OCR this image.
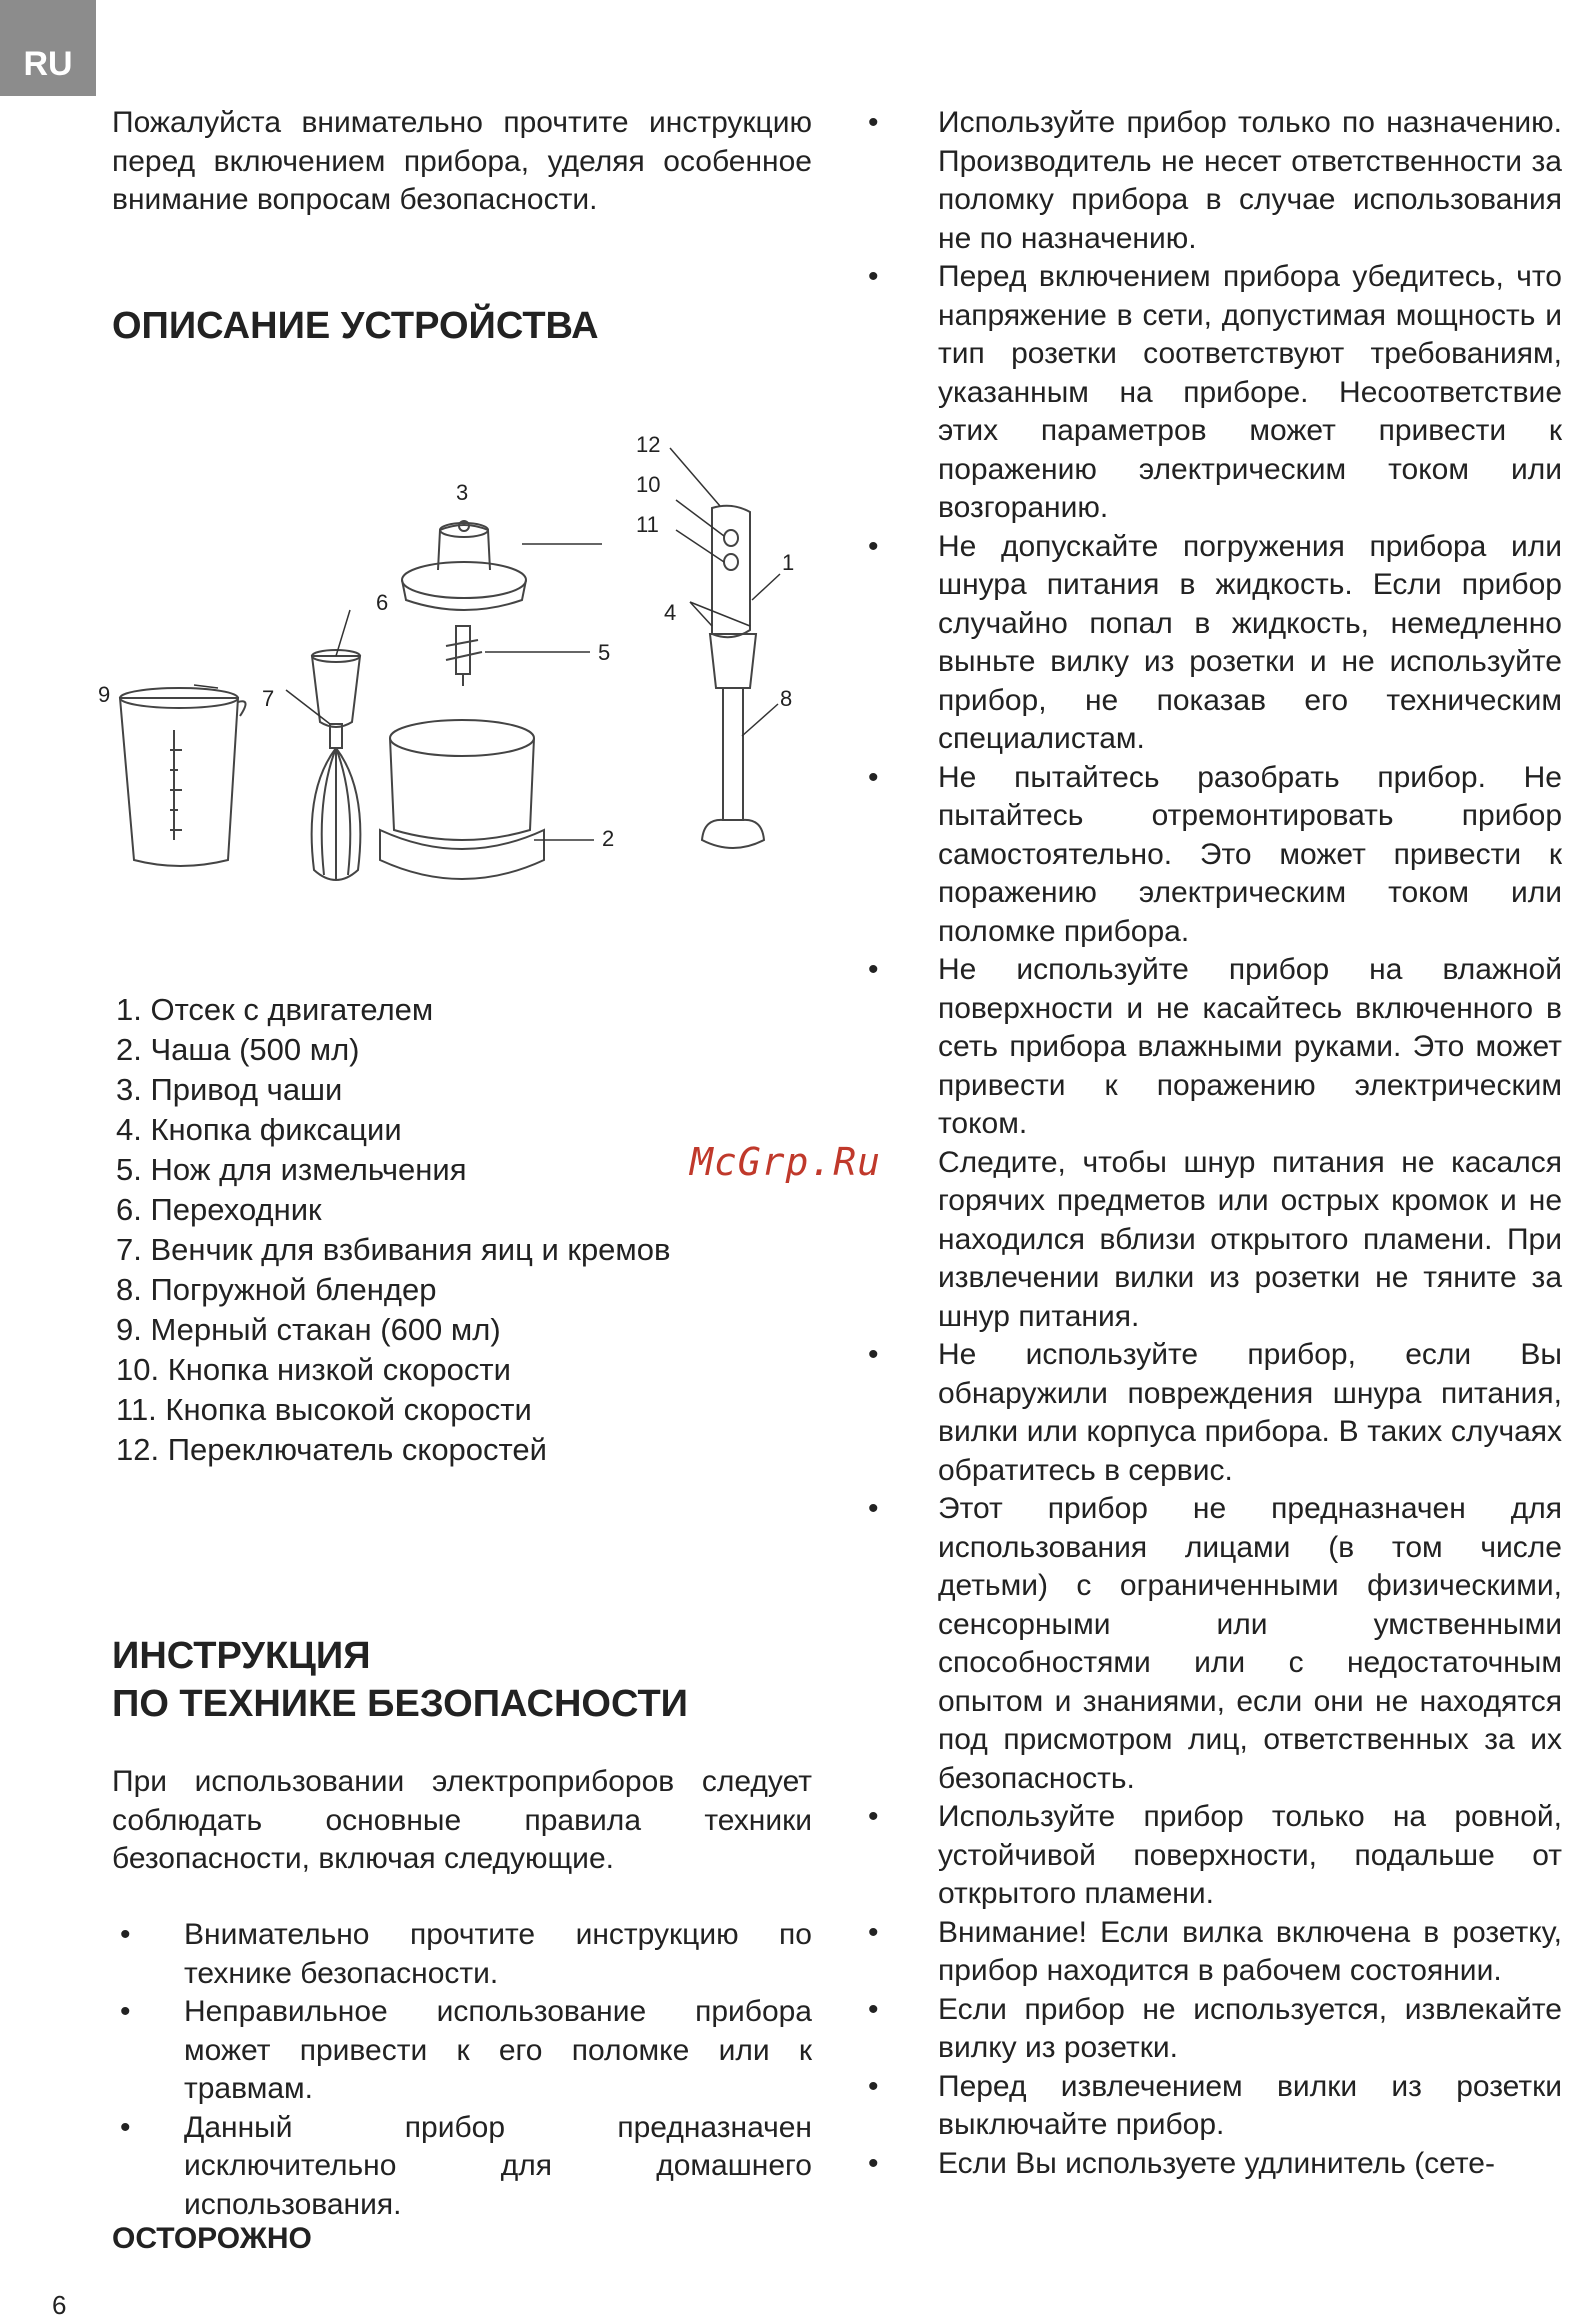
RU

Пожалуйста внимательно прочтите инструкцию перед включением прибора, уделяя особенное внимание вопросам безопасности.

ОПИСАНИЕ УСТРОЙСТВА
1
2
3
4
5
6
7	8
9
10
11
12
1. Отсек с двигателем
2. Чаша (500 мл)
3. Привод чаши
4. Кнопка фиксации
5. Нож для измельчения
6. Переходник
7. Венчик для взбивания яиц и кремов
8. Погружной блендер
9. Мерный стакан (600 мл)
10. Кнопка низкой скорости
11. Кнопка высокой скорости
12. Переключатель скоростей
McGrp.Ru
ИНСТРУКЦИЯ
ПО ТЕХНИКЕ БЕЗОПАСНОСТИ

При использовании электроприборов следует соблюдать основные правила техники безопасности, включая следующие.

• Внимательно прочтите инструкцию по технике безопасности.
• Неправильное использование прибора может привести к его поломке или к травмам.
• Данный прибор предназначен исключительно для домашнего использования.
ОСТОРОЖНО
• Используйте прибор только по назначению. Производитель не несет ответственности за поломку прибора в случае использования не по назначению.
• Перед включением прибора убедитесь, что напряжение в сети, допустимая мощность и тип розетки соответствуют требованиям, указанным на приборе. Несоответствие этих параметров может привести к поражению электрическим током или возгоранию.
• Не допускайте погружения прибора или шнура питания в жидкость. Если прибор случайно попал в жидкость, немедленно выньте вилку из розетки и не используйте прибор, не показав его техническим специалистам.
• Не пытайтесь разобрать прибор. Не пытайтесь отремонтировать прибор самостоятельно. Это может привести к поражению электрическим током или поломке прибора.
• Не используйте прибор на влажной поверхности и не касайтесь включенного в сеть прибора влажными руками. Это может привести к поражению электрическим током.
Следите, чтобы шнур питания не касался горячих предметов или острых кромок и не находился вблизи открытого пламени. При извлечении вилки из розетки не тяните за шнур питания.
• Не используйте прибор, если Вы обнаружили повреждения шнура питания, вилки или корпуса прибора. В таких случаях обратитесь в сервис.
• Этот прибор не предназначен для использования лицами (в том числе детьми) с ограниченными физическими, сенсорными или умственными способностями или с недостаточным опытом и знаниями, если они не находятся под присмотром лиц, ответственных за их безопасность.
• Используйте прибор только на ровной, устойчивой поверхности, подальше от открытого пламени.
• Внимание! Если вилка включена в розетку, прибор находится в рабочем состоянии.
• Если прибор не используется, извлекайте вилку из розетки.
• Перед извлечением вилки из розетки выключайте прибор.
• Если Вы используете удлинитель (сете-
6
